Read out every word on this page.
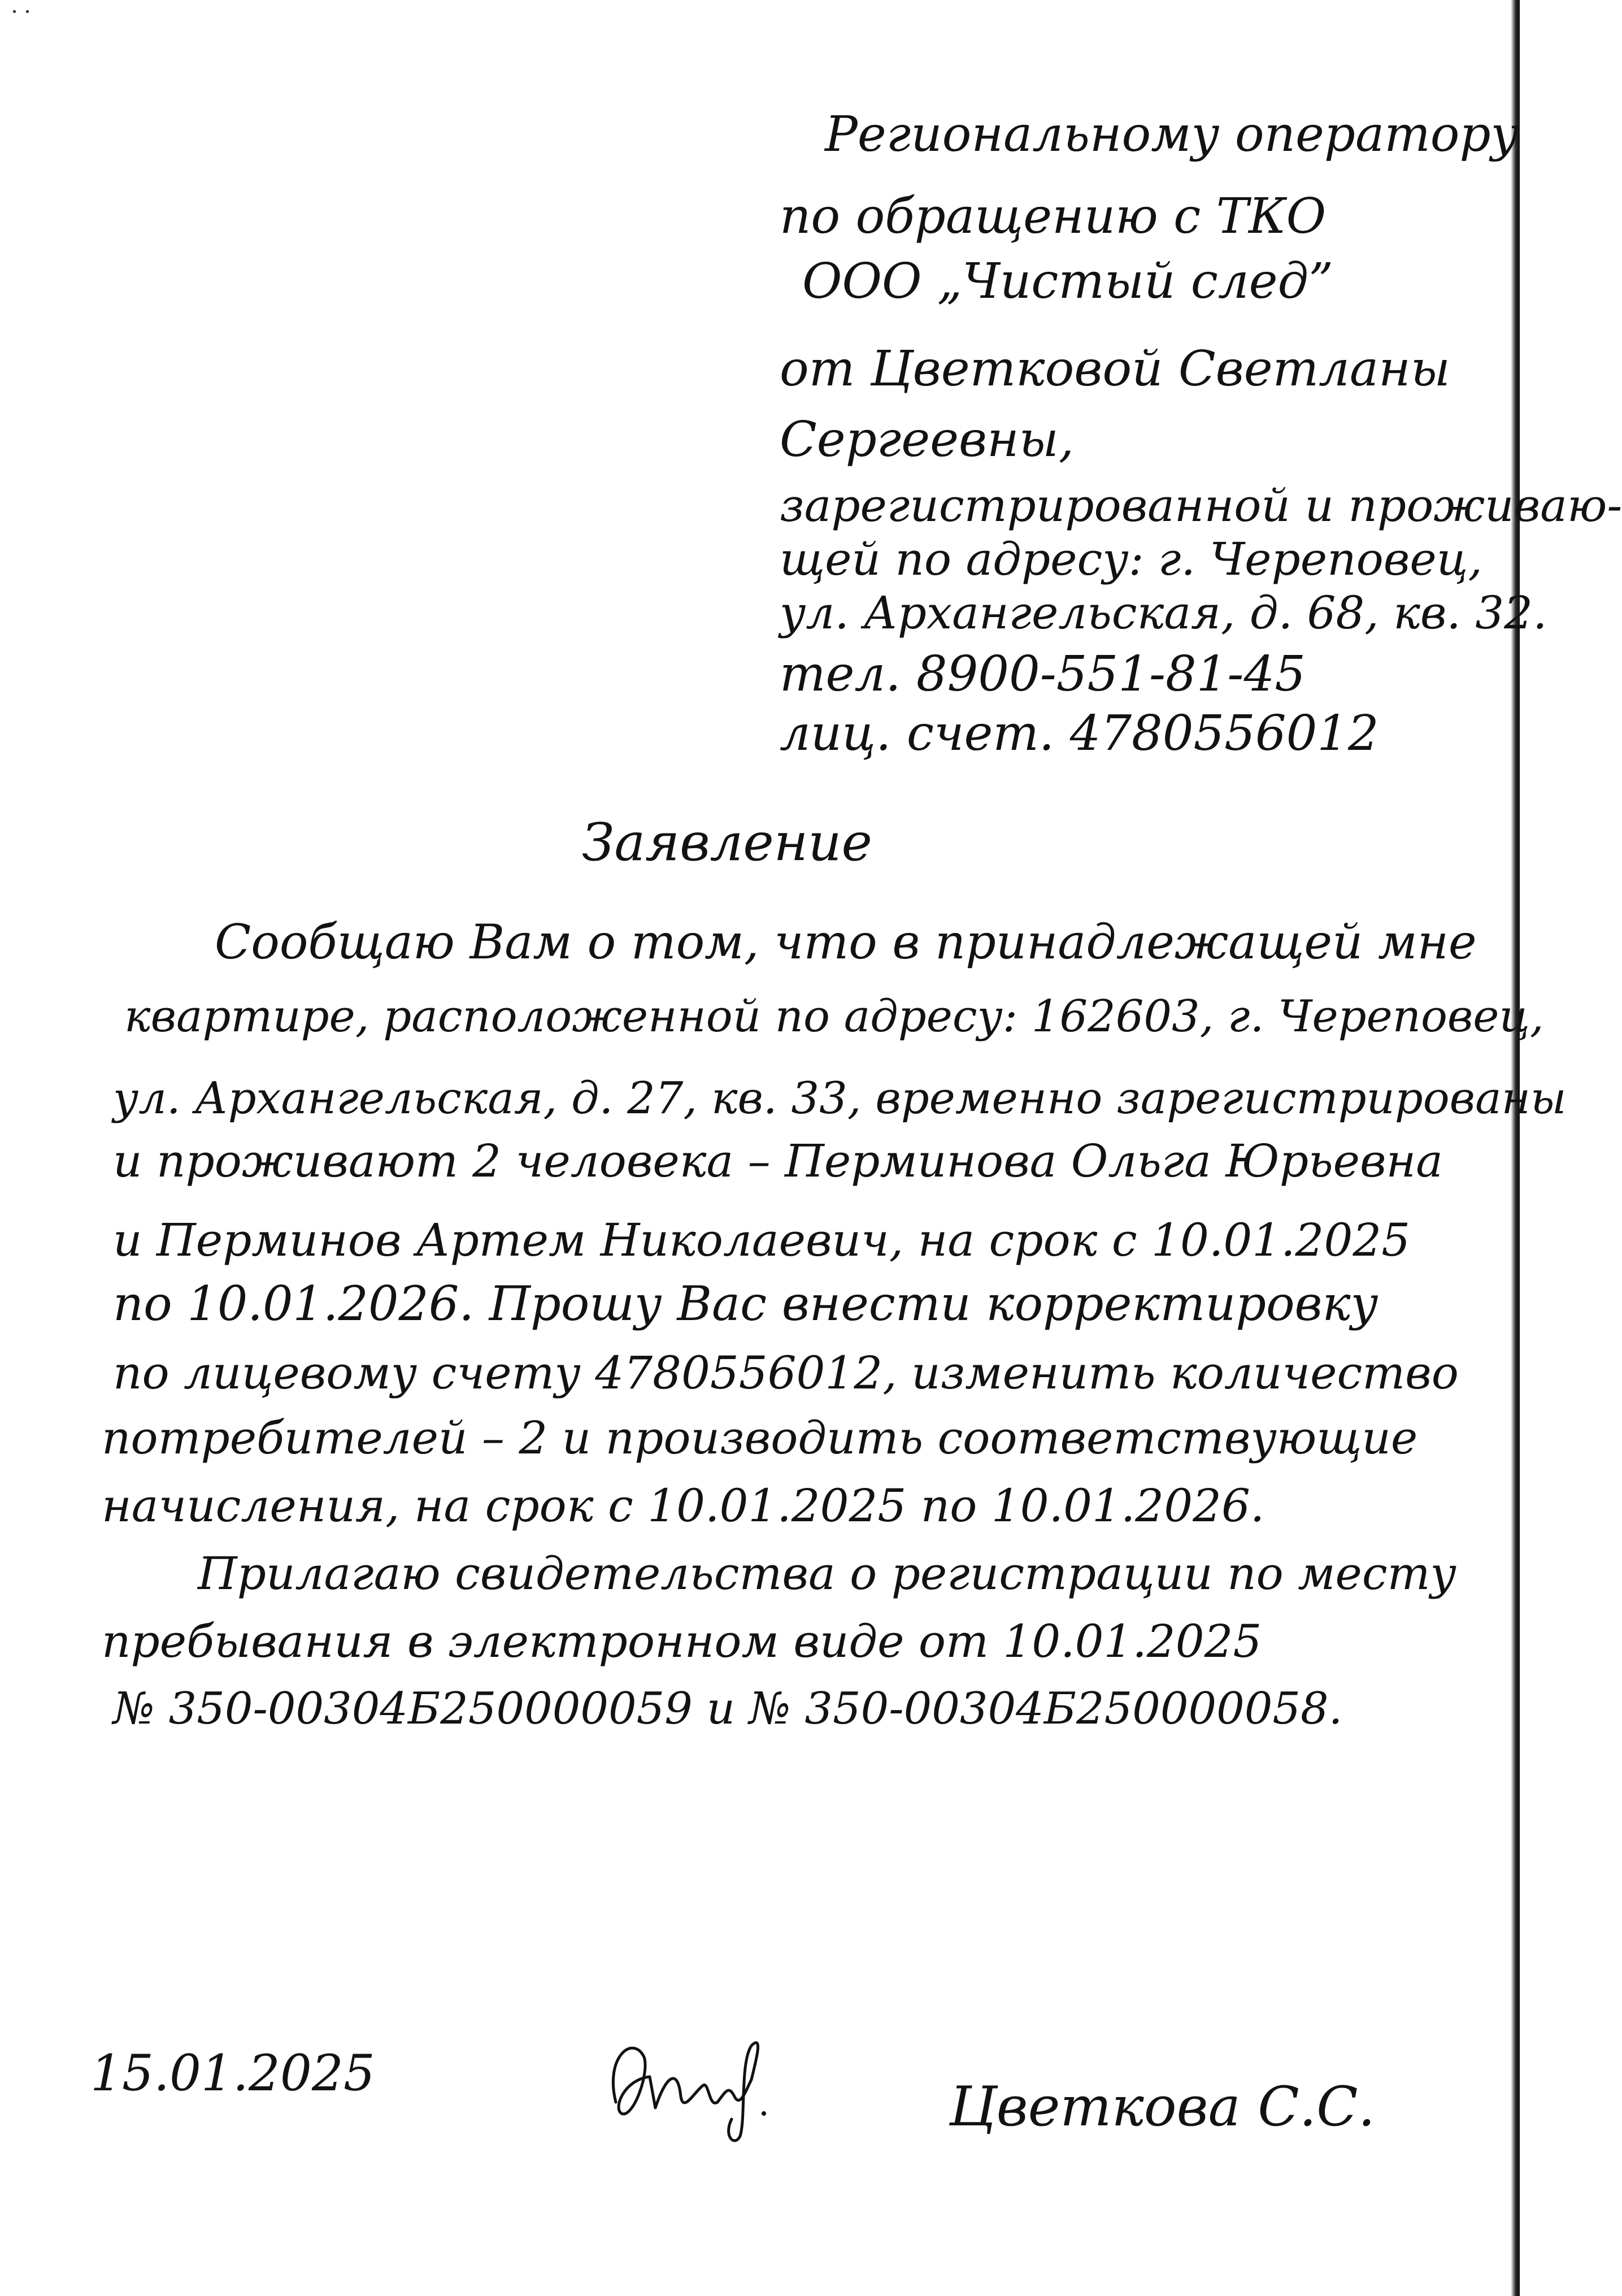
˙˙
Региональному оператору
по обращению с ТКО
ООО „Чистый след”
от Цветковой Светланы
Сергеевны,
зарегистрированной и проживаю-
щей по адресу: г. Череповец,
ул. Архангельская, д. 68, кв. 32.
тел. 8900-551-81-45
лиц. счет. 4780556012
Заявление
Сообщаю Вам о том, что в принадлежащей мне
квартире, расположенной по адресу: 162603, г. Череповец,
ул. Архангельская, д. 27, кв. 33, временно зарегистрированы
и проживают 2 человека – Перминова Ольга Юрьевна
и Перминов Артем Николаевич, на срок с 10.01.2025
по 10.01.2026. Прошу Вас внести корректировку
по лицевому счету 4780556012, изменить количество
потребителей – 2 и производить соответствующие
начисления, на срок с 10.01.2025 по 10.01.2026.
Прилагаю свидетельства о регистрации по месту
пребывания в электронном виде от 10.01.2025
№ 350-00304Б250000059 и № 350-00304Б250000058.
15.01.2025
Цветкова С.С.
